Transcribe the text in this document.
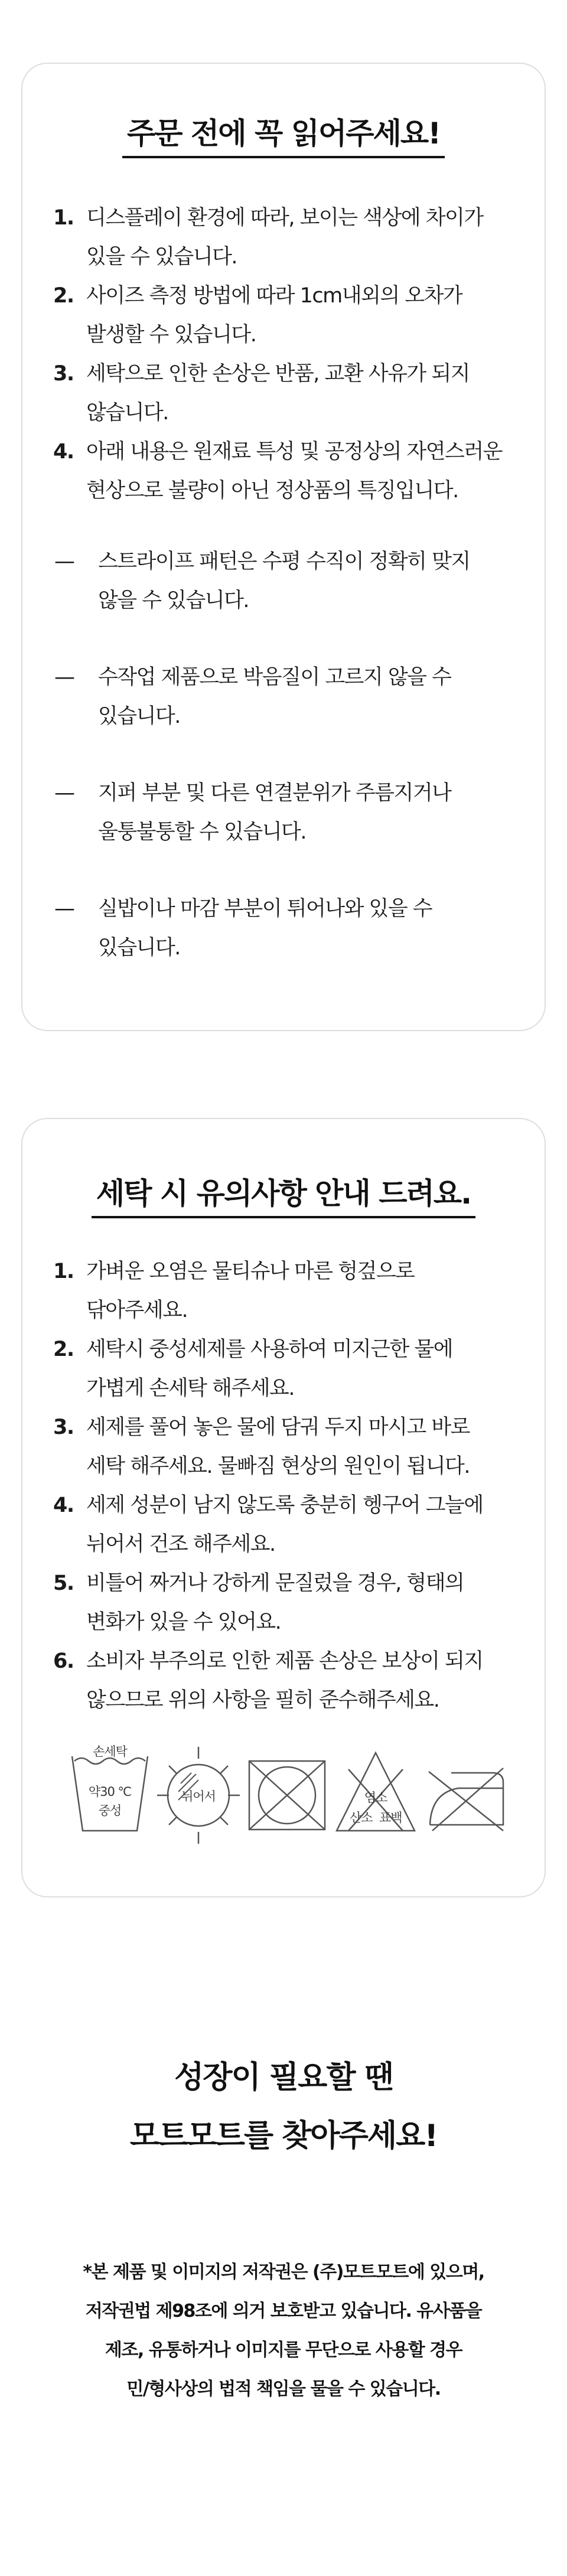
주문 전에 꼭 읽어주세요!
1. 디스플레이 환경에 따라, 보이는 색상에 차이가
있을 수 있습니다.
2. 사이즈 측정 방법에 따라 1cm내외의 오차가
발생할 수 있습니다.
3. 세탁으로 인한 손상은 반품, 교환 사유가 되지
않습니다.
4. 아래 내용은 원재료 특성 및 공정상의 자연스러운
현상으로 불량이 아닌 정상품의 특징입니다.
— 스트라이프 패턴은 수평 수직이 정확히 맞지
않을 수 있습니다.
— 수작업 제품으로 박음질이 고르지 않을 수
있습니다.
— 지퍼 부분 및 다른 연결분위가 주름지거나
울퉁불퉁할 수 있습니다.
— 실밥이나 마감 부분이 튀어나와 있을 수
있습니다.
세탁 시 유의사항 안내 드려요.
1. 가벼운 오염은 물티슈나 마른 헝겊으로
닦아주세요.
2. 세탁시 중성세제를 사용하여 미지근한 물에
가볍게 손세탁 해주세요.
3. 세제를 풀어 놓은 물에 담궈 두지 마시고 바로
세탁 해주세요. 물빠짐 현상의 원인이 됩니다.
4. 세제 성분이 남지 않도록 충분히 헹구어 그늘에
뉘어서 건조 해주세요.
5. 비틀어 짜거나 강하게 문질렀을 경우, 형태의
변화가 있을 수 있어요.
6. 소비자 부주의로 인한 제품 손상은 보상이 되지
않으므로 위의 사항을 필히 준수해주세요.
손세탁
약30 ℃
중성
뉘어서	염소
산소 표백
성장이 필요할 땐
모트모트를 찾아주세요!
*본 제품 및 이미지의 저작권은 (주)모트모트에 있으며,
저작권법 제98조에 의거 보호받고 있습니다. 유사품을
제조, 유통하거나 이미지를 무단으로 사용할 경우
민/형사상의 법적 책임을 물을 수 있습니다.
